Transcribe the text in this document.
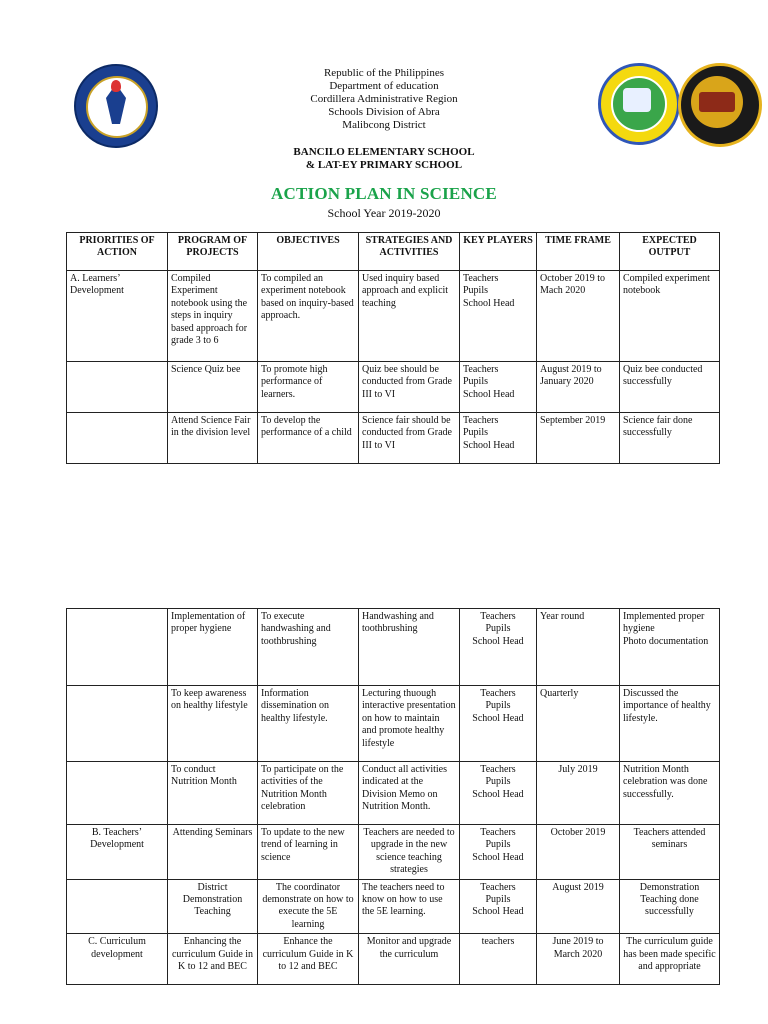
Republic of the Philippines
Department of education
Cordillera Administrative Region
Schools Division of Abra
Malibcong District
BANCILO ELEMENTARY SCHOOL
& LAT-EY PRIMARY SCHOOL
ACTION PLAN IN SCIENCE
School Year 2019-2020
PRIORITIES OF ACTION	PROGRAM OF PROJECTS	OBJECTIVES	STRATEGIES AND ACTIVITIES	KEY PLAYERS	TIME FRAME	EXPECTED OUTPUT
A. Learners’ Development	Compiled Experiment notebook using the steps in inquiry based approach for grade 3 to 6	To compiled an experiment notebook based on inquiry-based approach.	Used inquiry based approach and explicit teaching	Teachers
Pupils
School Head	October 2019 to Mach 2020	Compiled experiment notebook
	Science Quiz bee	To promote high performance of learners.	Quiz bee should be conducted from Grade III to VI	Teachers
Pupils
School Head	August 2019 to January 2020	Quiz bee conducted successfully
	Attend Science Fair in the division level	To develop the performance of a child	Science fair should be conducted from Grade III to VI	Teachers
Pupils
School Head	September 2019	Science fair done successfully
	Implementation of proper hygiene	To execute handwashing and toothbrushing	Handwashing and toothbrushing	Teachers
Pupils
School Head	Year round	Implemented proper hygiene
Photo documentation
	To keep awareness on healthy lifestyle	Information dissemination on healthy lifestyle.	Lecturing thuough interactive presentation on how to maintain and promote healthy lifestyle	Teachers
Pupils
School Head	Quarterly	Discussed the importance of healthy lifestyle.
	To conduct Nutrition Month	To participate on the activities of the Nutrition Month celebration	Conduct all activities indicated at the Division Memo on Nutrition Month.	Teachers
Pupils
School Head	July 2019	Nutrition Month celebration was done successfully.
B. Teachers’ Development	Attending Seminars	To update to the new trend of learning in science	Teachers are needed to upgrade in the new science teaching strategies	Teachers
Pupils
School Head	October 2019	Teachers attended seminars
	District Demonstration Teaching	The coordinator demonstrate on how to execute the 5E learning	The teachers need to know on how to use the 5E learning.	Teachers
Pupils
School Head	August 2019	Demonstration Teaching done successfully
C. Curriculum development	Enhancing the curriculum Guide in K to 12 and BEC	Enhance the curriculum Guide in K to 12 and BEC	Monitor and upgrade the curriculum	teachers	June 2019 to March 2020	The curriculum guide has been made specific and appropriate
